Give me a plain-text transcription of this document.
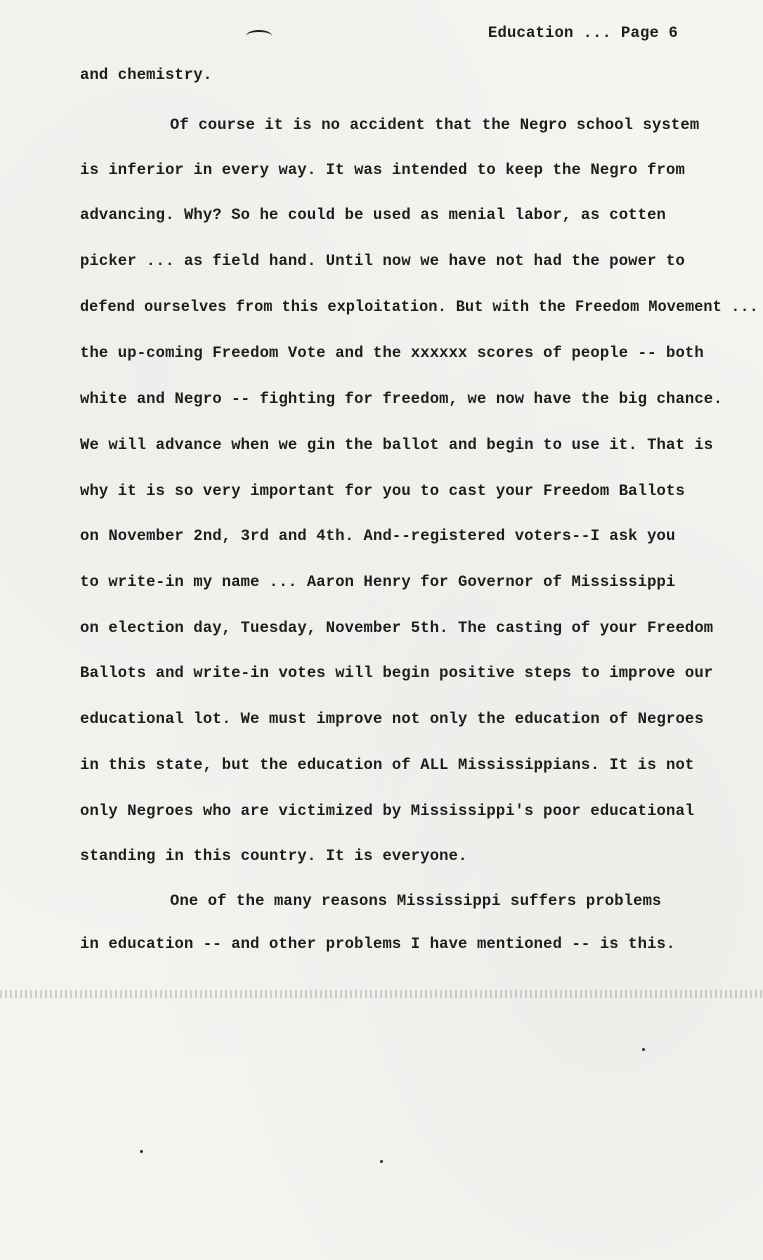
Education ... Page 6
and chemistry.
Of course it is no accident that the Negro school system
is inferior in every way. It was intended to keep the Negro from
advancing. Why? So he could be used as menial labor, as cotten
picker ... as field hand. Until now we have not had the power to
defend ourselves from this exploitation. But with the Freedom Movement ...
the up-coming Freedom Vote and the xxxxxx scores of people -- both
white and Negro -- fighting for freedom, we now have the big chance.
We will advance when we gin the ballot and begin to use it. That is
why it is so very important for you to cast your Freedom Ballots
on November 2nd, 3rd and 4th. And--registered voters--I ask you
to write-in my name ... Aaron Henry for Governor of Mississippi
on election day, Tuesday, November 5th. The casting of your Freedom
Ballots and write-in votes will begin positive steps to improve our
educational lot. We must improve not only the education of Negroes
in this state, but the education of ALL Mississippians. It is not
only Negroes who are victimized by Mississippi's poor educational
standing in this country. It is everyone.
One of the many reasons Mississippi suffers problems
in education -- and other problems I have mentioned -- is this.
